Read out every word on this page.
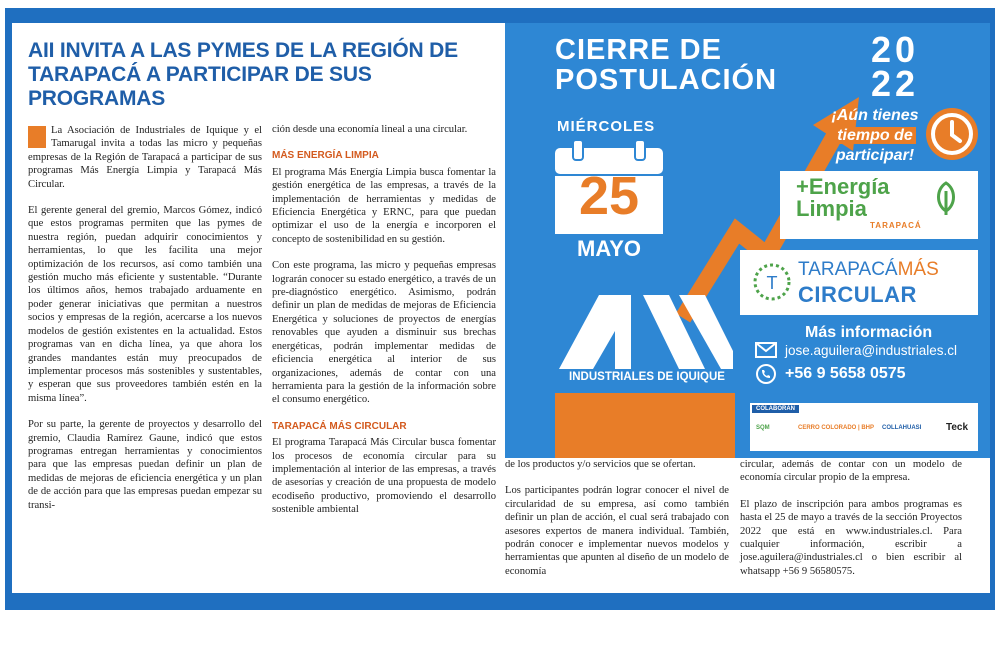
AII INVITA A LAS PYMES DE LA REGIÓN DE TARAPACÁ A PARTICIPAR DE SUS PROGRAMAS

La Asociación de Industriales de Iquique y el Tamarugal invita a todas las micro y pequeñas empresas de la Región de Tarapacá a participar de sus programas Más Energía Limpia y Tarapacá Más Circular.

El gerente general del gremio, Marcos Gómez, indicó que estos programas permiten que las pymes de nuestra región, puedan adquirir conocimientos y herramientas, lo que les facilita una mejor optimización de los recursos, así como también una gestión mucho más eficiente y sustentable. “Durante los últimos años, hemos trabajado arduamente en poder generar iniciativas que permitan a nuestros socios y empresas de la región, acercarse a los nuevos modelos de gestión existentes en la actualidad. Estos programas van en dicha línea, ya que ahora los grandes mandantes están muy preocupados de implementar procesos más sostenibles y sustentables, y esperan que sus proveedores también estén en la misma línea”.

Por su parte, la gerente de proyectos y desarrollo del gremio, Claudia Ramírez Gaune, indicó que estos programas entregan herramientas y conocimientos para que las empresas puedan definir un plan de medidas de mejoras de eficiencia energética y un plan de de acción para que las empresas puedan empezar su transi-

ción desde una economía lineal a una circular.

MÁS ENERGÍA LIMPIA

El programa Más Energía Limpia busca fomentar la gestión energética de las empresas, a través de la implementación de herramientas y medidas de Eficiencia Energética y ERNC, para que puedan optimizar el uso de la energía e incorporen el concepto de sostenibilidad en su gestión.

Con este programa, las micro y pequeñas empresas lograrán conocer su estado energético, a través de un pre-diagnóstico energético. Asimismo, podrán definir un plan de medidas de mejoras de Eficiencia Energética y soluciones de proyectos de energías renovables que ayuden a disminuir sus brechas energéticas, podrán implementar medidas de eficiencia energética al interior de sus organizaciones, además de contar con una herramienta para la gestión de la información sobre el consumo energético.

TARAPACÁ MÁS CIRCULAR

El programa Tarapacá Más Circular busca fomentar los procesos de economía circular para su implementación al interior de las empresas, a través de asesorías y creación de una propuesta de modelo ecodiseño productivo, promoviendo el desarrollo sostenible ambiental

CIERRE DE
POSTULACIÓN
20
22
MIÉRCOLES
25
MAYO
¡Aún tienes
tiempo de
participar!
+Energía
Limpia
TARAPACÁ
T
TARAPACÁMÁS
CIRCULAR
INDUSTRIALES DE IQUIQUE
Más información
jose.aguilera@industriales.cl
+56 9 5658 0575
COLABORAN
SQM	CERRO COLORADO | BHP COLLAHUASI Teck

de los productos y/o servicios que se ofertan.

Los participantes podrán lograr conocer el nivel de circularidad de su empresa, así como también definir un plan de acción, el cual será trabajado con asesores expertos de manera individual. También, podrán conocer e implementar nuevos modelos y herramientas que apunten al diseño de un modelo de economía

circular, además de contar con un modelo de economía circular propio de la empresa.

El plazo de inscripción para ambos programas es hasta el 25 de mayo a través de la sección Proyectos 2022 que está en www.industriales.cl. Para cualquier información, escribir a jose.aguilera@industriales.cl o bien escribir al whatsapp +56 9 56580575.
